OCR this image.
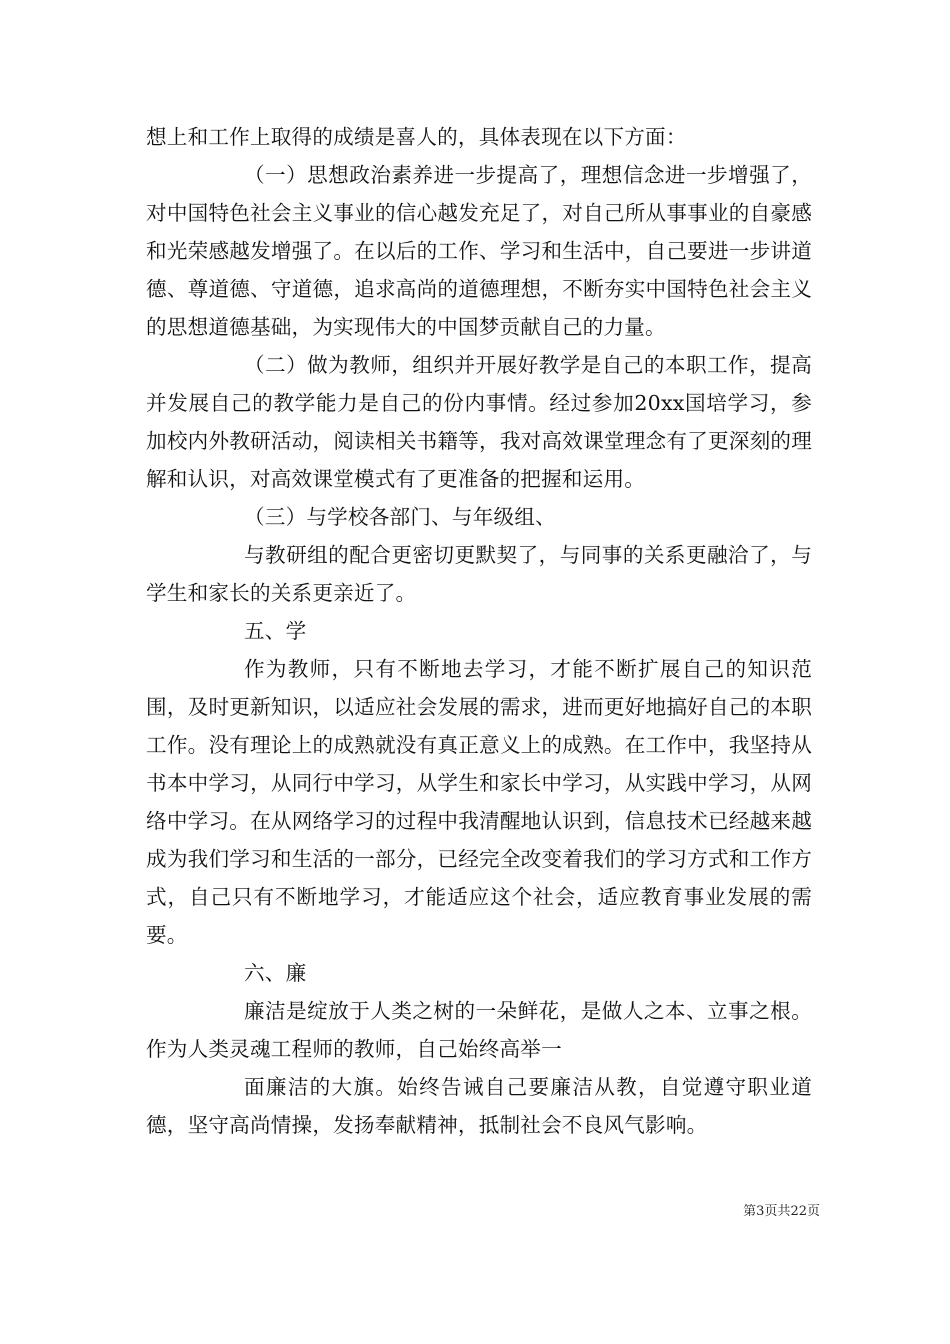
想上和工作上取得的成绩是喜人的，具体表现在以下方面：

（一）思想政治素养进一步提高了，理想信念进一步增强了，对中国特色社会主义事业的信心越发充足了，对自己所从事事业的自豪感和光荣感越发增强了。在以后的工作、学习和生活中，自己要进一步讲道德、尊道德、守道德，追求高尚的道德理想，不断夯实中国特色社会主义的思想道德基础，为实现伟大的中国梦贡献自己的力量。

（二）做为教师，组织并开展好教学是自己的本职工作，提高并发展自己的教学能力是自己的份内事情。经过参加20xx国培学习，参加校内外教研活动，阅读相关书籍等，我对高效课堂理念有了更深刻的理解和认识，对高效课堂模式有了更准备的把握和运用。

（三）与学校各部门、与年级组、

与教研组的配合更密切更默契了，与同事的关系更融洽了，与学生和家长的关系更亲近了。

五、学

作为教师，只有不断地去学习，才能不断扩展自己的知识范围，及时更新知识，以适应社会发展的需求，进而更好地搞好自己的本职工作。没有理论上的成熟就没有真正意义上的成熟。在工作中，我坚持从书本中学习，从同行中学习，从学生和家长中学习，从实践中学习，从网络中学习。在从网络学习的过程中我清醒地认识到，信息技术已经越来越成为我们学习和生活的一部分，已经完全改变着我们的学习方式和工作方式，自己只有不断地学习，才能适应这个社会，适应教育事业发展的需要。

六、廉

廉洁是绽放于人类之树的一朵鲜花，是做人之本、立事之根。作为人类灵魂工程师的教师，自己始终高举一

面廉洁的大旗。始终告诫自己要廉洁从教，自觉遵守职业道德，坚守高尚情操，发扬奉献精神，抵制社会不良风气影响。

第3页共22页
